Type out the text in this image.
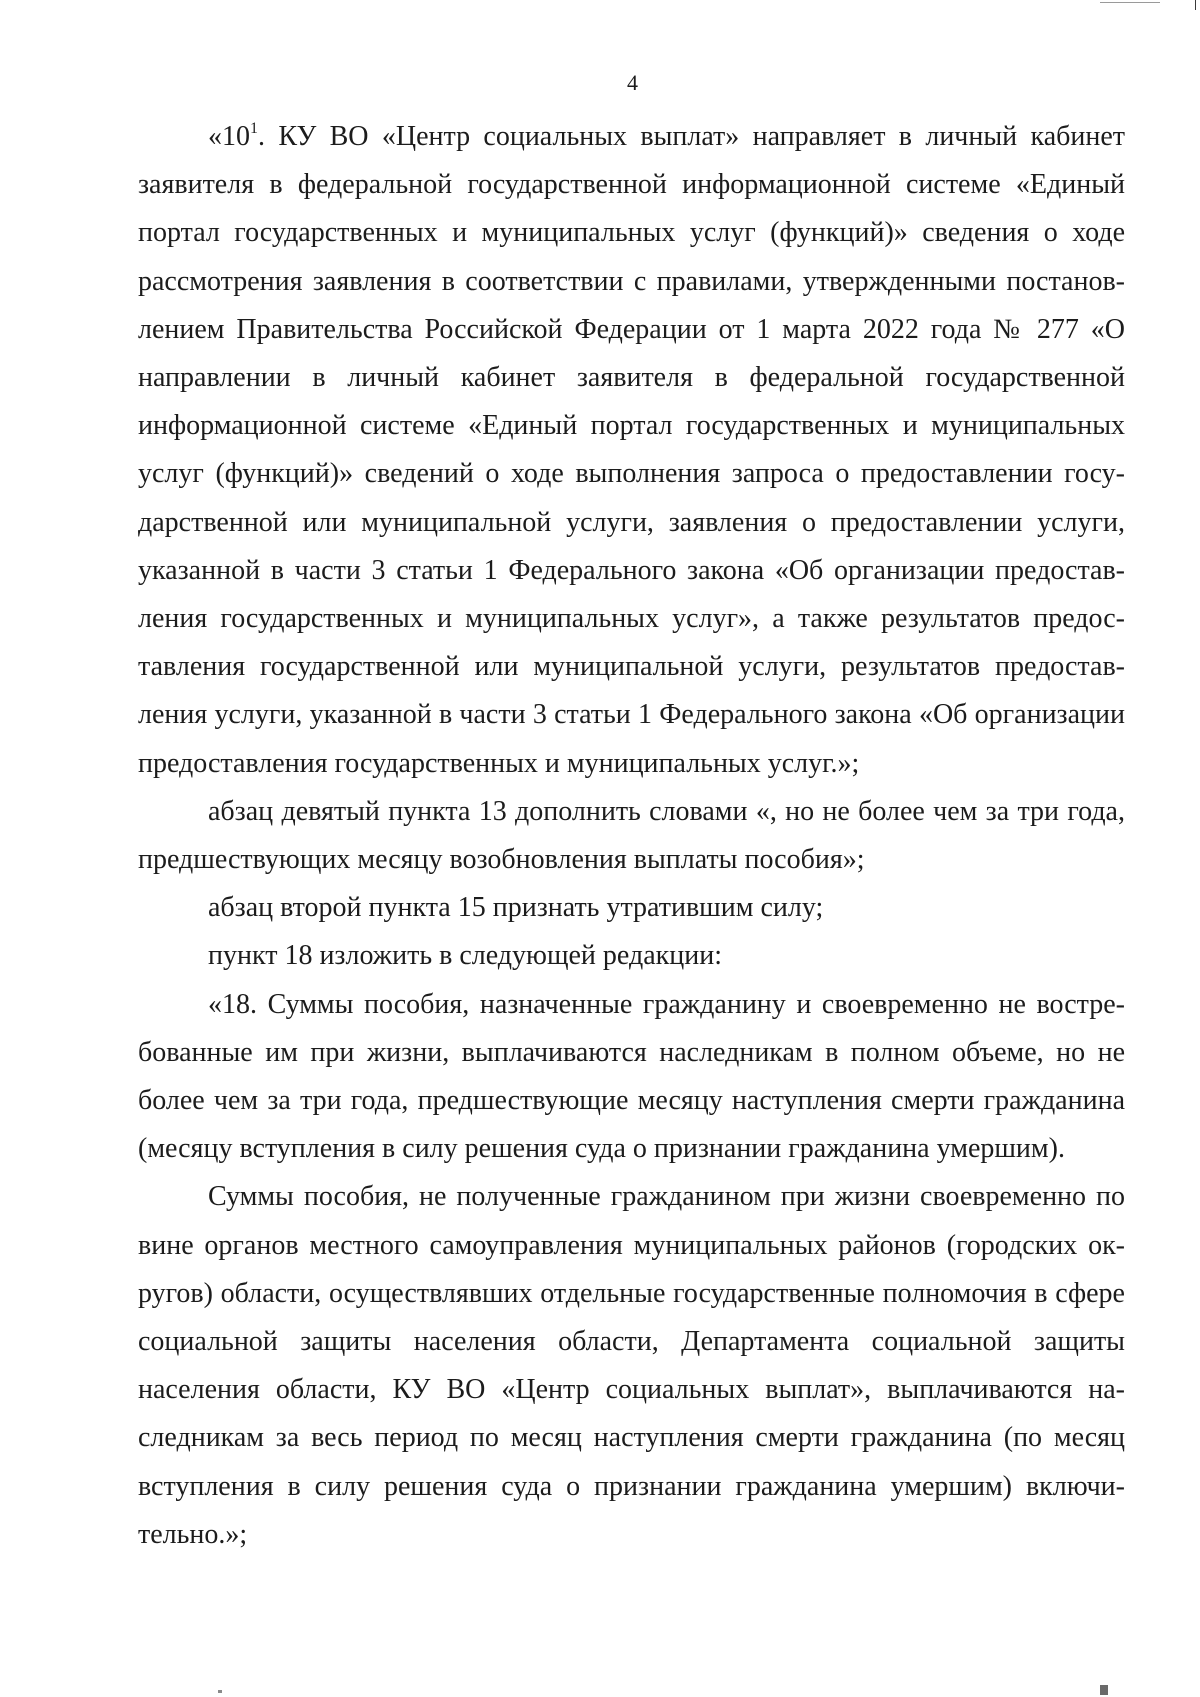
4

«$10^1$. КУ ВО «Центр социальных выплат» направляет в личный кабинет заявителя в федеральной государственной информационной системе «Единый портал государственных и муниципальных услуг (функций)» сведения о ходе рассмотрения заявления в соответствии с правилами, утвержденными постановлением Правительства Российской Федерации от 1 марта 2022 года № 277 «О направлении в личный кабинет заявителя в федеральной государственной информационной системе «Единый портал государственных и муниципальных услуг (функций)» сведений о ходе выполнения запроса о предоставлении государственной или муниципальной услуги, заявления о предоставлении услуги, указанной в части 3 статьи 1 Федерального закона «Об организации предоставления государственных и муниципальных услуг», а также результатов предоставления государственной или муниципальной услуги, результатов предоставления услуги, указанной в части 3 статьи 1 Федерального закона «Об организации предоставления государственных и муниципальных услуг.»;

абзац девятый пункта 13 дополнить словами «, но не более чем за три года, предшествующих месяцу возобновления выплаты пособия»;

абзац второй пункта 15 признать утратившим силу;

пункт 18 изложить в следующей редакции:

«18. Суммы пособия, назначенные гражданину и своевременно не востребованные им при жизни, выплачиваются наследникам в полном объеме, но не более чем за три года, предшествующие месяцу наступления смерти гражданина (месяцу вступления в силу решения суда о признании гражданина умершим).

Суммы пособия, не полученные гражданином при жизни своевременно по вине органов местного самоуправления муниципальных районов (городских округов) области, осуществлявших отдельные государственные полномочия в сфере социальной защиты населения области, Департамента социальной защиты населения области, КУ ВО «Центр социальных выплат», выплачиваются наследникам за весь период по месяц наступления смерти гражданина (по месяц вступления в силу решения суда о признании гражданина умершим) включительно.»;
